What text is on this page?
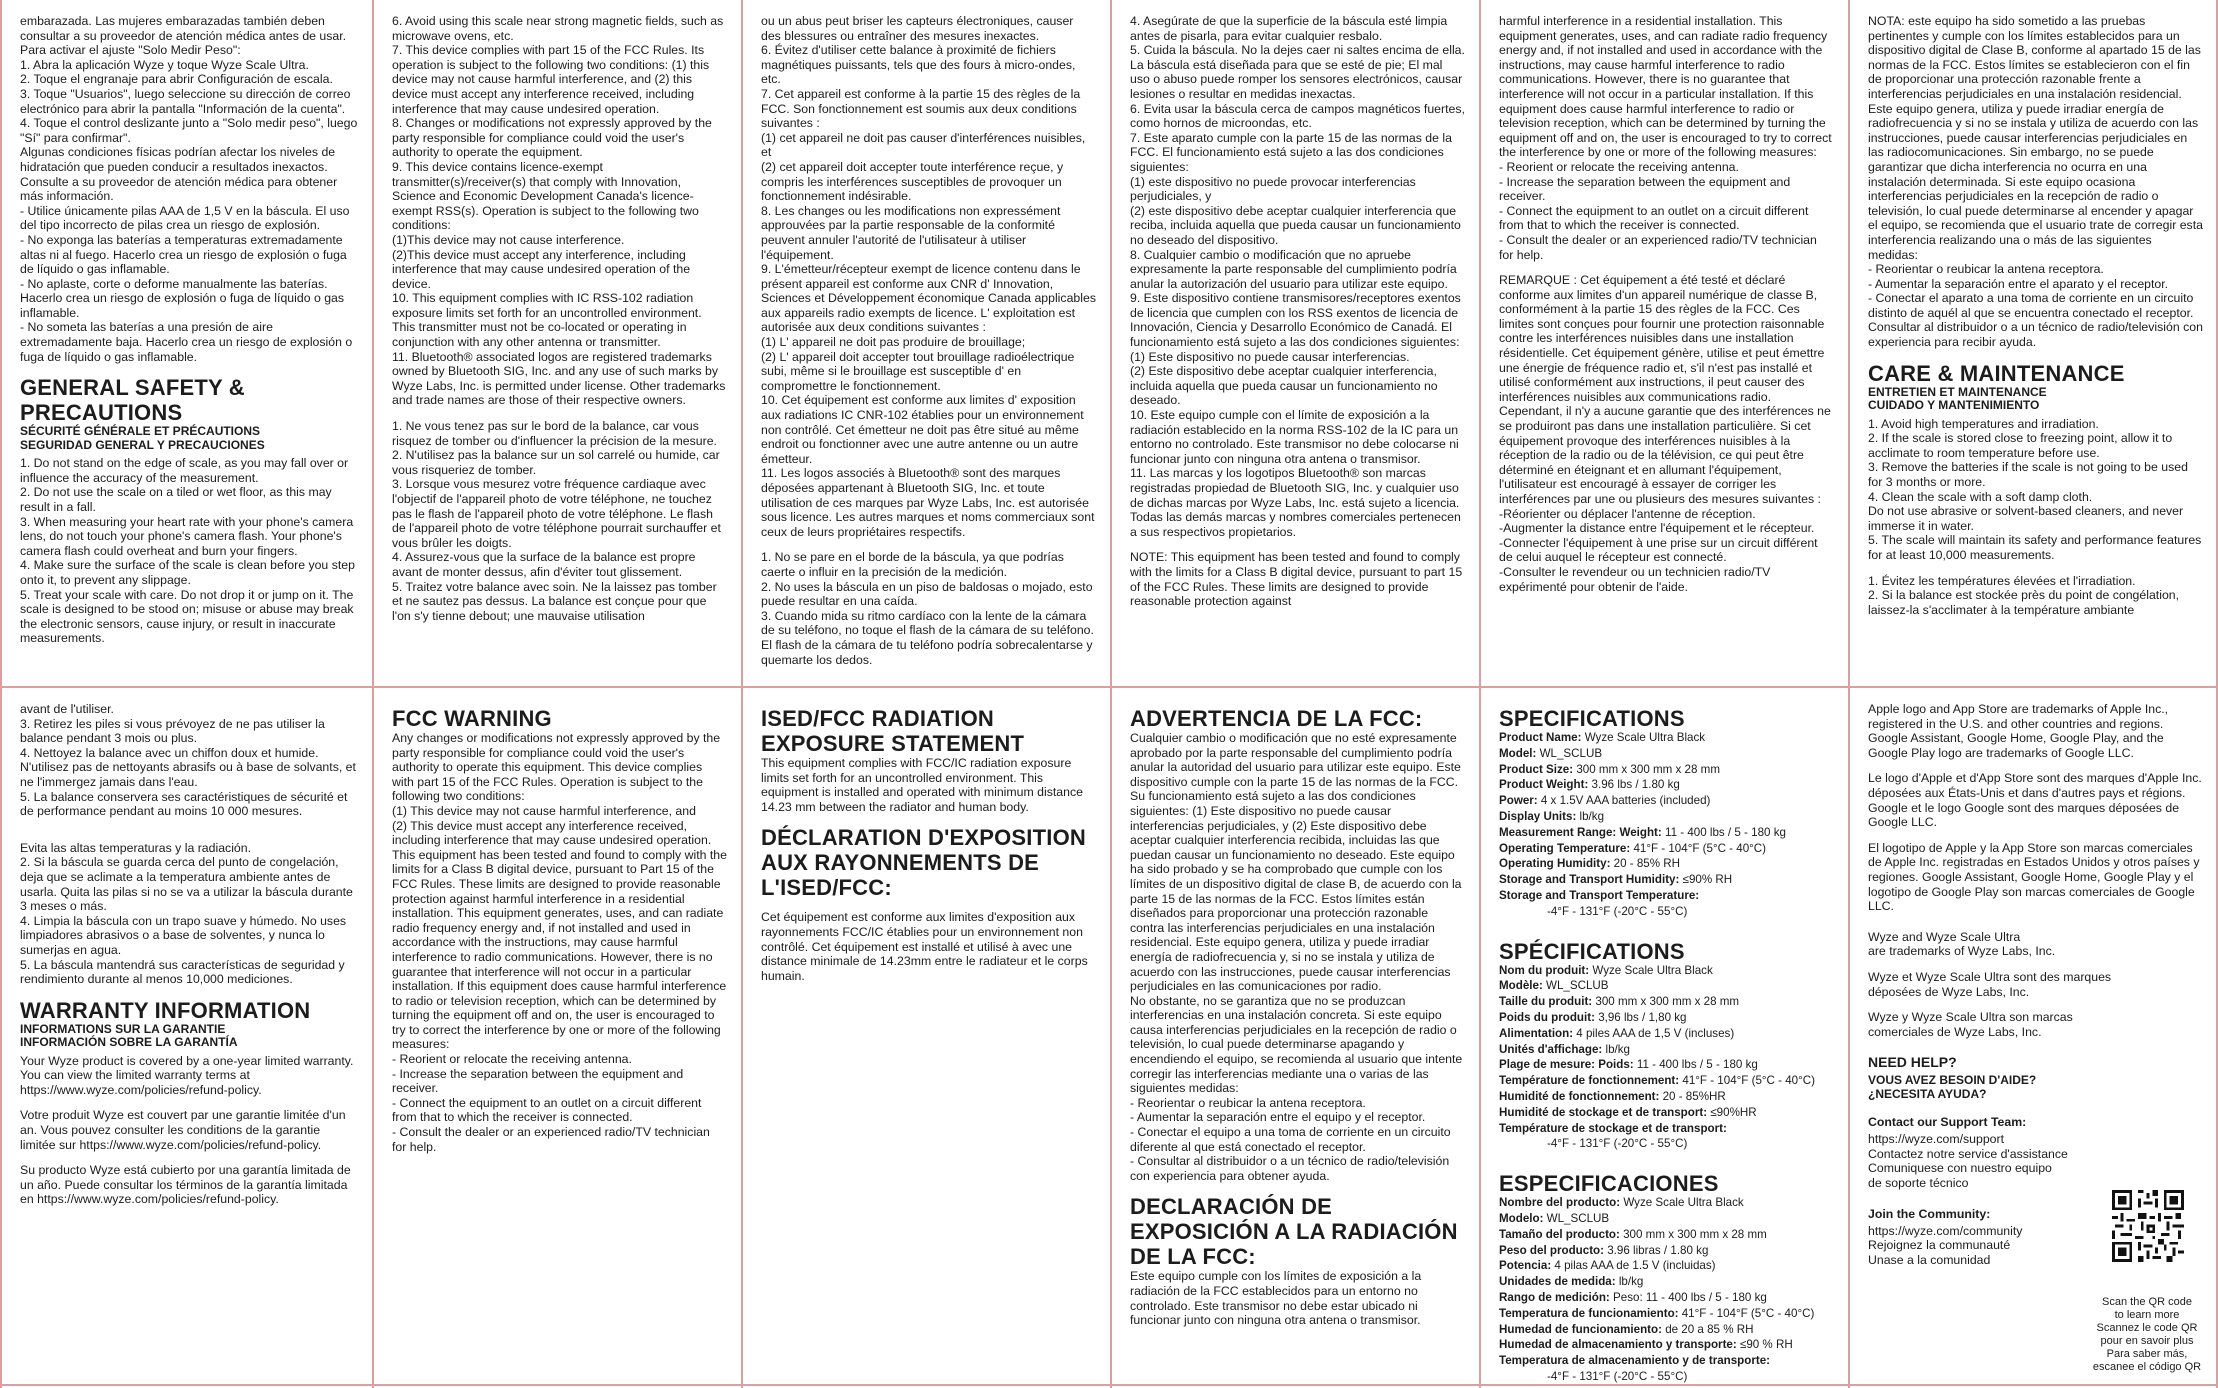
embarazada. Las mujeres embarazadas también deben consultar a su proveedor de atención médica antes de usar.
Para activar el ajuste "Solo Medir Peso":
1. Abra la aplicación Wyze y toque Wyze Scale Ultra.
2. Toque el engranaje para abrir Configuración de escala.
3. Toque "Usuarios", luego seleccione su dirección de correo electrónico para abrir la pantalla "Información de la cuenta".
4. Toque el control deslizante junto a "Solo medir peso", luego "Sí" para confirmar".
Algunas condiciones físicas podrían afectar los niveles de hidratación que pueden conducir a resultados inexactos. Consulte a su proveedor de atención médica para obtener más información.
- Utilice únicamente pilas AAA de 1,5 V en la báscula. El uso del tipo incorrecto de pilas crea un riesgo de explosión.
- No exponga las baterías a temperaturas extremadamente altas ni al fuego. Hacerlo crea un riesgo de explosión o fuga de líquido o gas inflamable.
- No aplaste, corte o deforme manualmente las baterías. Hacerlo crea un riesgo de explosión o fuga de líquido o gas inflamable.
- No someta las baterías a una presión de aire extremadamente baja. Hacerlo crea un riesgo de explosión o fuga de líquido o gas inflamable.

GENERAL SAFETY & PRECAUTIONS
SÉCURITÉ GÉNÉRALE ET PRÉCAUTIONS
SEGURIDAD GENERAL Y PRECAUCIONES

1. Do not stand on the edge of scale, as you may fall over or influence the accuracy of the measurement.
2. Do not use the scale on a tiled or wet floor, as this may result in a fall.
3. When measuring your heart rate with your phone's camera lens, do not touch your phone's camera flash. Your phone's camera flash could overheat and burn your fingers.
4. Make sure the surface of the scale is clean before you step onto it, to prevent any slippage.
5. Treat your scale with care. Do not drop it or jump on it. The scale is designed to be stood on; misuse or abuse may break the electronic sensors, cause injury, or result in inaccurate measurements.

6. Avoid using this scale near strong magnetic fields, such as microwave ovens, etc.
7. This device complies with part 15 of the FCC Rules. Its operation is subject to the following two conditions: (1) this device may not cause harmful interference, and (2) this device must accept any interference received, including interference that may cause undesired operation.
8. Changes or modifications not expressly approved by the party responsible for compliance could void the user's authority to operate the equipment.
9. This device contains licence-exempt transmitter(s)/receiver(s) that comply with Innovation, Science and Economic Development Canada's licence-exempt RSS(s). Operation is subject to the following two conditions:
(1)This device may not cause interference.
(2)This device must accept any interference, including interference that may cause undesired operation of the device.
10. This equipment complies with IC RSS-102 radiation exposure limits set forth for an uncontrolled environment. This transmitter must not be co-located or operating in conjunction with any other antenna or transmitter.
11. Bluetooth® associated logos are registered trademarks owned by Bluetooth SIG, Inc. and any use of such marks by Wyze Labs, Inc. is permitted under license. Other trademarks and trade names are those of their respective owners.

1. Ne vous tenez pas sur le bord de la balance, car vous risquez de tomber ou d'influencer la précision de la mesure.
2. N'utilisez pas la balance sur un sol carrelé ou humide, car vous risqueriez de tomber.
3. Lorsque vous mesurez votre fréquence cardiaque avec l'objectif de l'appareil photo de votre téléphone, ne touchez pas le flash de l'appareil photo de votre téléphone. Le flash de l'appareil photo de votre téléphone pourrait surchauffer et vous brûler les doigts.
4. Assurez-vous que la surface de la balance est propre avant de monter dessus, afin d'éviter tout glissement.
5. Traitez votre balance avec soin. Ne la laissez pas tomber et ne sautez pas dessus. La balance est conçue pour que l'on s'y tienne debout; une mauvaise utilisation

ou un abus peut briser les capteurs électroniques, causer des blessures ou entraîner des mesures inexactes.
6. Évitez d'utiliser cette balance à proximité de fichiers magnétiques puissants, tels que des fours à micro-ondes, etc.
7. Cet appareil est conforme à la partie 15 des règles de la FCC. Son fonctionnement est soumis aux deux conditions suivantes :
(1) cet appareil ne doit pas causer d'interférences nuisibles, et
(2) cet appareil doit accepter toute interférence reçue, y compris les interférences susceptibles de provoquer un fonctionnement indésirable.
8. Les changes ou les modifications non expressément approuvées par la partie responsable de la conformité peuvent annuler l'autorité de l'utilisateur à utiliser l'équipement.
9. L'émetteur/récepteur exempt de licence contenu dans le présent appareil est conforme aux CNR d' Innovation, Sciences et Développement économique Canada applicables aux appareils radio exempts de licence. L' exploitation est autorisée aux deux conditions suivantes :
(1) L' appareil ne doit pas produire de brouillage;
(2) L' appareil doit accepter tout brouillage radioélectrique subi, même si le brouillage est susceptible d' en compromettre le fonctionnement.
10. Cet équipement est conforme aux limites d' exposition aux radiations IC CNR-102 établies pour un environnement non contrôlé. Cet émetteur ne doit pas être situé au même endroit ou fonctionner avec une autre antenne ou un autre émetteur.
11. Les logos associés à Bluetooth® sont des marques déposées appartenant à Bluetooth SIG, Inc. et toute utilisation de ces marques par Wyze Labs, Inc. est autorisée sous licence. Les autres marques et noms commerciaux sont ceux de leurs propriétaires respectifs.

1. No se pare en el borde de la báscula, ya que podrías caerte o influir en la precisión de la medición.
2. No uses la báscula en un piso de baldosas o mojado, esto puede resultar en una caída.
3. Cuando mida su ritmo cardíaco con la lente de la cámara de su teléfono, no toque el flash de la cámara de su teléfono. El flash de la cámara de tu teléfono podría sobrecalentarse y quemarte los dedos.

4. Asegúrate de que la superficie de la báscula esté limpia antes de pisarla, para evitar cualquier resbalo.
5. Cuida la báscula. No la dejes caer ni saltes encima de ella. La báscula está diseñada para que se esté de pie; El mal uso o abuso puede romper los sensores electrónicos, causar lesiones o resultar en medidas inexactas.
6. Evita usar la báscula cerca de campos magnéticos fuertes, como hornos de microondas, etc.
7. Este aparato cumple con la parte 15 de las normas de la FCC. El funcionamiento está sujeto a las dos condiciones siguientes:
(1) este dispositivo no puede provocar interferencias perjudiciales, y
(2) este dispositivo debe aceptar cualquier interferencia que reciba, incluida aquella que pueda causar un funcionamiento no deseado del dispositivo.
8. Cualquier cambio o modificación que no apruebe expresamente la parte responsable del cumplimiento podría anular la autorización del usuario para utilizar este equipo.
9. Este dispositivo contiene transmisores/receptores exentos de licencia que cumplen con los RSS exentos de licencia de Innovación, Ciencia y Desarrollo Económico de Canadá. El funcionamiento está sujeto a las dos condiciones siguientes:
(1) Este dispositivo no puede causar interferencias.
(2) Este dispositivo debe aceptar cualquier interferencia, incluida aquella que pueda causar un funcionamiento no deseado.
10. Este equipo cumple con el límite de exposición a la radiación establecido en la norma RSS-102 de la IC para un entorno no controlado. Este transmisor no debe colocarse ni funcionar junto con ninguna otra antena o transmisor.
11. Las marcas y los logotipos Bluetooth® son marcas registradas propiedad de Bluetooth SIG, Inc. y cualquier uso de dichas marcas por Wyze Labs, Inc. está sujeto a licencia. Todas las demás marcas y nombres comerciales pertenecen a sus respectivos propietarios.

NOTE: This equipment has been tested and found to comply with the limits for a Class B digital device, pursuant to part 15 of the FCC Rules. These limits are designed to provide reasonable protection against

harmful interference in a residential installation. This equipment generates, uses, and can radiate radio frequency energy and, if not installed and used in accordance with the instructions, may cause harmful interference to radio communications. However, there is no guarantee that interference will not occur in a particular installation. If this equipment does cause harmful interference to radio or television reception, which can be determined by turning the equipment off and on, the user is encouraged to try to correct the interference by one or more of the following measures:
- Reorient or relocate the receiving antenna.
- Increase the separation between the equipment and receiver.
- Connect the equipment to an outlet on a circuit different from that to which the receiver is connected.
- Consult the dealer or an experienced radio/TV technician for help.

REMARQUE : Cet équipement a été testé et déclaré conforme aux limites d'un appareil numérique de classe B, conformément à la partie 15 des règles de la FCC. Ces limites sont conçues pour fournir une protection raisonnable contre les interférences nuisibles dans une installation résidentielle. Cet équipement génère, utilise et peut émettre une énergie de fréquence radio et, s'il n'est pas installé et utilisé conformément aux instructions, il peut causer des interférences nuisibles aux communications radio. Cependant, il n'y a aucune garantie que des interférences ne se produiront pas dans une installation particulière. Si cet équipement provoque des interférences nuisibles à la réception de la radio ou de la télévision, ce qui peut être déterminé en éteignant et en allumant l'équipement, l'utilisateur est encouragé à essayer de corriger les interférences par une ou plusieurs des mesures suivantes :
-Réorienter ou déplacer l'antenne de réception.
-Augmenter la distance entre l'équipement et le récepteur.
-Connecter l'équipement à une prise sur un circuit différent de celui auquel le récepteur est connecté.
-Consulter le revendeur ou un technicien radio/TV expérimenté pour obtenir de l'aide.

NOTA: este equipo ha sido sometido a las pruebas pertinentes y cumple con los límites establecidos para un dispositivo digital de Clase B, conforme al apartado 15 de las normas de la FCC. Estos límites se establecieron con el fin de proporcionar una protección razonable frente a interferencias perjudiciales en una instalación residencial. Este equipo genera, utiliza y puede irradiar energía de radiofrecuencia y si no se instala y utiliza de acuerdo con las instrucciones, puede causar interferencias perjudiciales en las radiocomunicaciones. Sin embargo, no se puede garantizar que dicha interferencia no ocurra en una instalación determinada. Si este equipo ocasiona interferencias perjudiciales en la recepción de radio o televisión, lo cual puede determinarse al encender y apagar el equipo, se recomienda que el usuario trate de corregir esta interferencia realizando una o más de las siguientes medidas:
- Reorientar o reubicar la antena receptora.
- Aumentar la separación entre el aparato y el receptor.
- Conectar el aparato a una toma de corriente en un circuito distinto de aquél al que se encuentra conectado el receptor.
Consultar al distribuidor o a un técnico de radio/televisión con experiencia para recibir ayuda.

CARE & MAINTENANCE
ENTRETIEN ET MAINTENANCE
CUIDADO Y MANTENIMIENTO

1. Avoid high temperatures and irradiation.
2. If the scale is stored close to freezing point, allow it to acclimate to room temperature before use.
3. Remove the batteries if the scale is not going to be used for 3 months or more.
4. Clean the scale with a soft damp cloth.
Do not use abrasive or solvent-based cleaners, and never immerse it in water.
5. The scale will maintain its safety and performance features for at least 10,000 measurements.

1. Évitez les températures élevées et l'irradiation.
2. Si la balance est stockée près du point de congélation, laissez-la s'acclimater à la température ambiante

avant de l'utiliser.
3. Retirez les piles si vous prévoyez de ne pas utiliser la balance pendant 3 mois ou plus.
4. Nettoyez la balance avec un chiffon doux et humide. N'utilisez pas de nettoyants abrasifs ou à base de solvants, et ne l'immergez jamais dans l'eau.
5. La balance conservera ses caractéristiques de sécurité et de performance pendant au moins 10 000 mesures.

Evita las altas temperaturas y la radiación.
2. Si la báscula se guarda cerca del punto de congelación, deja que se aclimate a la temperatura ambiente antes de usarla. Quita las pilas si no se va a utilizar la báscula durante 3 meses o más.
4. Limpia la báscula con un trapo suave y húmedo. No uses limpiadores abrasivos o a base de solventes, y nunca lo sumerjas en agua.
5. La báscula mantendrá sus características de seguridad y rendimiento durante al menos 10,000 mediciones.

WARRANTY INFORMATION
INFORMATIONS SUR LA GARANTIE
INFORMACIÓN SOBRE LA GARANTÍA

Your Wyze product is covered by a one-year limited warranty. You can view the limited warranty terms at https://www.wyze.com/policies/refund-policy.

Votre produit Wyze est couvert par une garantie limitée d'un an. Vous pouvez consulter les conditions de la garantie limitée sur https://www.wyze.com/policies/refund-policy.

Su producto Wyze está cubierto por una garantía limitada de un año. Puede consultar los términos de la garantía limitada en https://www.wyze.com/policies/refund-policy.

FCC WARNING

Any changes or modifications not expressly approved by the party responsible for compliance could void the user's authority to operate this equipment. This device complies with part 15 of the FCC Rules. Operation is subject to the following two conditions:
(1) This device may not cause harmful interference, and
(2) This device must accept any interference received, including interference that may cause undesired operation.
This equipment has been tested and found to comply with the limits for a Class B digital device, pursuant to Part 15 of the FCC Rules. These limits are designed to provide reasonable protection against harmful interference in a residential installation. This equipment generates, uses, and can radiate radio frequency energy and, if not installed and used in accordance with the instructions, may cause harmful interference to radio communications. However, there is no guarantee that interference will not occur in a particular installation. If this equipment does cause harmful interference to radio or television reception, which can be determined by turning the equipment off and on, the user is encouraged to try to correct the interference by one or more of the following measures:
- Reorient or relocate the receiving antenna.
- Increase the separation between the equipment and receiver.
- Connect the equipment to an outlet on a circuit different from that to which the receiver is connected.
- Consult the dealer or an experienced radio/TV technician for help.

ISED/FCC RADIATION EXPOSURE STATEMENT

This equipment complies with FCC/IC radiation exposure limits set forth for an uncontrolled environment. This equipment is installed and operated with minimum distance 14.23 mm between the radiator and human body.

DÉCLARATION D'EXPOSITION AUX RAYONNEMENTS DE L'ISED/FCC:

Cet équipement est conforme aux limites d'exposition aux rayonnements FCC/IC établies pour un environnement non contrôlé. Cet équipement est installé et utilisé à avec une distance minimale de 14.23mm entre le radiateur et le corps humain.

ADVERTENCIA DE LA FCC:

Cualquier cambio o modificación que no esté expresamente aprobado por la parte responsable del cumplimiento podría anular la autoridad del usuario para utilizar este equipo. Este dispositivo cumple con la parte 15 de las normas de la FCC. Su funcionamiento está sujeto a las dos condiciones siguientes: (1) Este dispositivo no puede causar interferencias perjudiciales, y (2) Este dispositivo debe aceptar cualquier interferencia recibida, incluidas las que puedan causar un funcionamiento no deseado. Este equipo ha sido probado y se ha comprobado que cumple con los límites de un dispositivo digital de clase B, de acuerdo con la parte 15 de las normas de la FCC. Estos límites están diseñados para proporcionar una protección razonable contra las interferencias perjudiciales en una instalación residencial. Este equipo genera, utiliza y puede irradiar energía de radiofrecuencia y, si no se instala y utiliza de acuerdo con las instrucciones, puede causar interferencias perjudiciales en las comunicaciones por radio.
No obstante, no se garantiza que no se produzcan interferencias en una instalación concreta. Si este equipo causa interferencias perjudiciales en la recepción de radio o televisión, lo cual puede determinarse apagando y encendiendo el equipo, se recomienda al usuario que intente corregir las interferencias mediante una o varias de las siguientes medidas:
- Reorientar o reubicar la antena receptora.
- Aumentar la separación entre el equipo y el receptor.
- Conectar el equipo a una toma de corriente en un circuito diferente al que está conectado el receptor.
- Consultar al distribuidor o a un técnico de radio/televisión con experiencia para obtener ayuda.

DECLARACIÓN DE EXPOSICIÓN A LA RADIACIÓN DE LA FCC:

Este equipo cumple con los límites de exposición a la radiación de la FCC establecidos para un entorno no controlado. Este transmisor no debe estar ubicado ni funcionar junto con ninguna otra antena o transmisor.

SPECIFICATIONS
Product Name: Wyze Scale Ultra Black
Model: WL_SCLUB
Product Size: 300 mm x 300 mm x 28 mm
Product Weight: 3.96 lbs / 1.80 kg
Power: 4 x 1.5V AAA batteries (included)
Display Units: lb/kg
Measurement Range: Weight: 11 - 400 lbs / 5 - 180 kg
Operating Temperature: 41°F - 104°F (5°C - 40°C)
Operating Humidity: 20 - 85% RH
Storage and Transport Humidity: ≤90% RH
Storage and Transport Temperature:
-4°F - 131°F (-20°C - 55°C)
SPÉCIFICATIONS
Nom du produit: Wyze Scale Ultra Black
Modèle: WL_SCLUB
Taille du produit: 300 mm x 300 mm x 28 mm
Poids du produit: 3,96 lbs / 1,80 kg
Alimentation: 4 piles AAA de 1,5 V (incluses)
Unités d'affichage: lb/kg
Plage de mesure: Poids: 11 - 400 lbs / 5 - 180 kg
Température de fonctionnement: 41°F - 104°F (5°C - 40°C)
Humidité de fonctionnement: 20 - 85%HR
Humidité de stockage et de transport: ≤90%HR
Température de stockage et de transport:
-4°F - 131°F (-20°C - 55°C)
ESPECIFICACIONES
Nombre del producto: Wyze Scale Ultra Black
Modelo: WL_SCLUB
Tamaño del producto: 300 mm x 300 mm x 28 mm
Peso del producto: 3.96 libras / 1.80 kg
Potencia: 4 pilas AAA de 1.5 V (incluidas)
Unidades de medida: lb/kg
Rango de medición: Peso: 11 - 400 lbs / 5 - 180 kg
Temperatura de funcionamiento: 41°F - 104°F (5°C - 40°C)
Humedad de funcionamiento: de 20 a 85 % RH
Humedad de almacenamiento y transporte: ≤90 % RH
Temperatura de almacenamiento y de transporte:
-4°F - 131°F (-20°C - 55°C)

Apple logo and App Store are trademarks of Apple Inc., registered in the U.S. and other countries and regions. Google Assistant, Google Home, Google Play, and the Google Play logo are trademarks of Google LLC.

Le logo d'Apple et d'App Store sont des marques d'Apple Inc. déposées aux États-Unis et dans d'autres pays et régions. Google et le logo Google sont des marques déposées de Google LLC.

El logotipo de Apple y la App Store son marcas comerciales de Apple Inc. registradas en Estados Unidos y otros países y regiones. Google Assistant, Google Home, Google Play y el logotipo de Google Play son marcas comerciales de Google LLC.

Wyze and Wyze Scale Ultra
are trademarks of Wyze Labs, Inc.

Wyze et Wyze Scale Ultra sont des marques
déposées de Wyze Labs, Inc.

Wyze y Wyze Scale Ultra son marcas
comerciales de Wyze Labs, Inc.

NEED HELP?
VOUS AVEZ BESOIN D'AIDE?
¿NECESITA AYUDA?
Contact our Support Team:

https://wyze.com/support
Contactez notre service d'assistance
Comuniquese con nuestro equipo
de soporte técnico

Join the Community:

https://wyze.com/community
Rejoignez la communauté
Unase a la comunidad

Scan the QR code
to learn more
Scannez le code QR
pour en savoir plus
Para saber más,
escanee el código QR
